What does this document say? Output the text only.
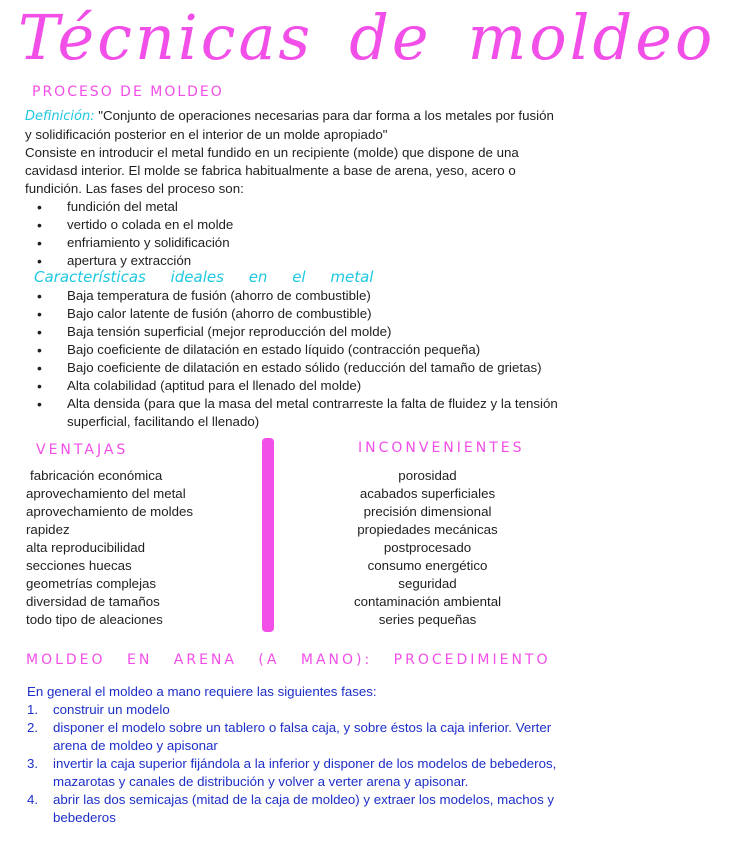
Técnicas de moldeo
PROCESO DE MOLDEO
Definición: "Conjunto de operaciones necesarias para dar forma a los metales por fusión
y solidificación posterior en el interior de un molde apropiado"
Consiste en introducir el metal fundido en un recipiente (molde) que dispone de una
cavidasd interior. El molde se fabrica habitualmente a base de arena, yeso, acero o
fundición. Las fases del proceso son:
• fundición del metal
• vertido o colada en el molde
• enfriamiento y solidificación
• apertura y extracción
Características ideales en el metal
• Baja temperatura de fusión (ahorro de combustible)
• Bajo calor latente de fusión (ahorro de combustible)
• Baja tensión superficial (mejor reproducción del molde)
• Bajo coeficiente de dilatación en estado líquido (contracción pequeña)
• Bajo coeficiente de dilatación en estado sólido (reducción del tamaño de grietas)
• Alta colabilidad (aptitud para el llenado del molde)
• Alta densida (para que la masa del metal contrarreste la falta de fluidez y la tensión
superficial, facilitando el llenado)
VENTAJAS	INCONVENIENTES
fabricación económica
aprovechamiento del metal
aprovechamiento de moldes
rapidez
alta reproducibilidad
secciones huecas
geometrías complejas
diversidad de tamaños
todo tipo de aleaciones
porosidad
acabados superficiales
precisión dimensional
propiedades mecánicas
postprocesado
consumo energético
seguridad
contaminación ambiental
series pequeñas
MOLDEO EN ARENA (A MANO): PROCEDIMIENTO
En general el moldeo a mano requiere las siguientes fases:
1. construir un modelo
2. disponer el modelo sobre un tablero o falsa caja, y sobre éstos la caja inferior. Verter
arena de moldeo y apisonar
3. invertir la caja superior fijándola a la inferior y disponer de los modelos de bebederos,
mazarotas y canales de distribución y volver a verter arena y apisonar.
4. abrir las dos semicajas (mitad de la caja de moldeo) y extraer los modelos, machos y
bebederos
